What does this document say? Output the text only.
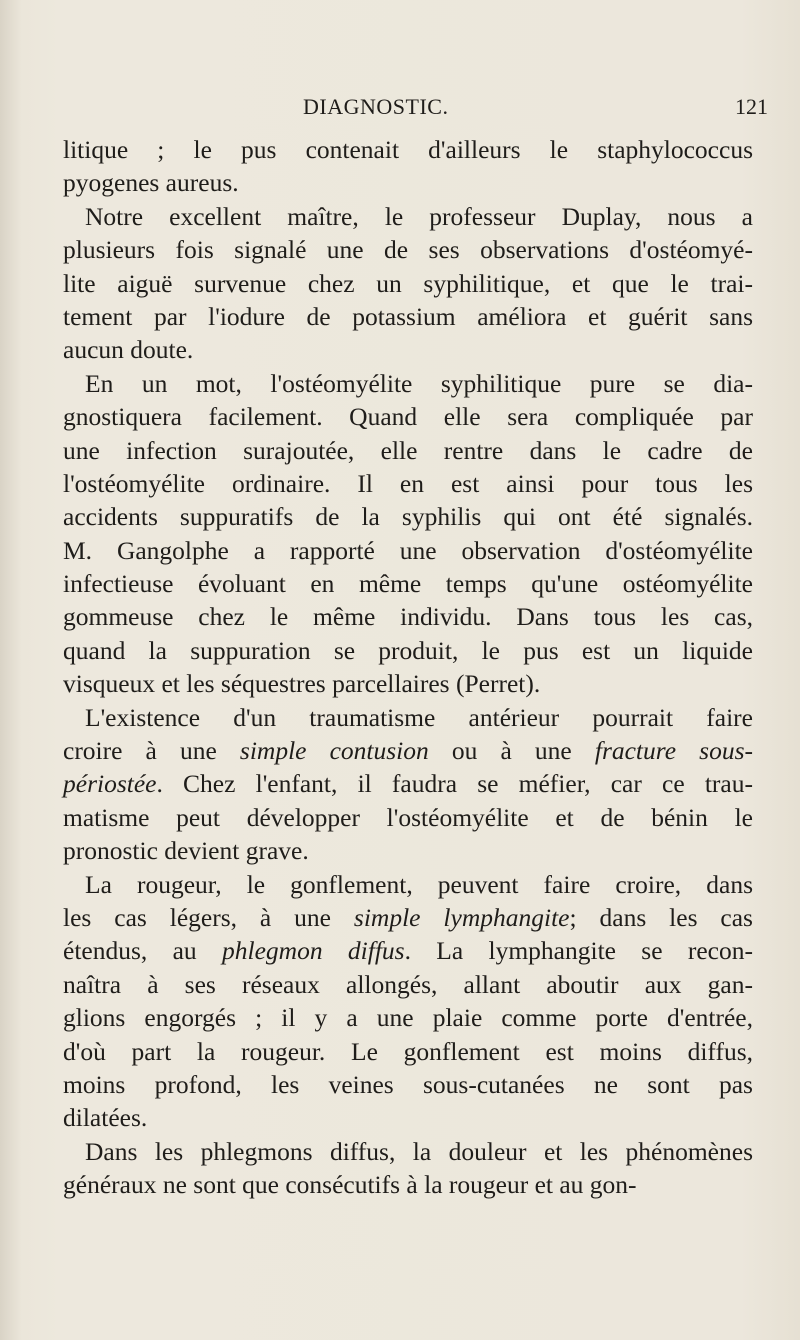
DIAGNOSTIC.	121
litique ; le pus contenait d'ailleurs le staphylococcus
pyogenes aureus.
Notre excellent maître, le professeur Duplay, nous a
plusieurs fois signalé une de ses observations d'ostéomyé-
lite aiguë survenue chez un syphilitique, et que le trai-
tement par l'iodure de potassium améliora et guérit sans
aucun doute.
En un mot, l'ostéomyélite syphilitique pure se dia-
gnostiquera facilement. Quand elle sera compliquée par
une infection surajoutée, elle rentre dans le cadre de
l'ostéomyélite ordinaire. Il en est ainsi pour tous les
accidents suppuratifs de la syphilis qui ont été signalés.
M. Gangolphe a rapporté une observation d'ostéomyélite
infectieuse évoluant en même temps qu'une ostéomyélite
gommeuse chez le même individu. Dans tous les cas,
quand la suppuration se produit, le pus est un liquide
visqueux et les séquestres parcellaires (Perret).
L'existence d'un traumatisme antérieur pourrait faire
croire à une simple contusion ou à une fracture sous-
périostée. Chez l'enfant, il faudra se méfier, car ce trau-
matisme peut développer l'ostéomyélite et de bénin le
pronostic devient grave.
La rougeur, le gonflement, peuvent faire croire, dans
les cas légers, à une simple lymphangite; dans les cas
étendus, au phlegmon diffus. La lymphangite se recon-
naîtra à ses réseaux allongés, allant aboutir aux gan-
glions engorgés ; il y a une plaie comme porte d'entrée,
d'où part la rougeur. Le gonflement est moins diffus,
moins profond, les veines sous-cutanées ne sont pas
dilatées.
Dans les phlegmons diffus, la douleur et les phénomènes
généraux ne sont que consécutifs à la rougeur et au gon-
